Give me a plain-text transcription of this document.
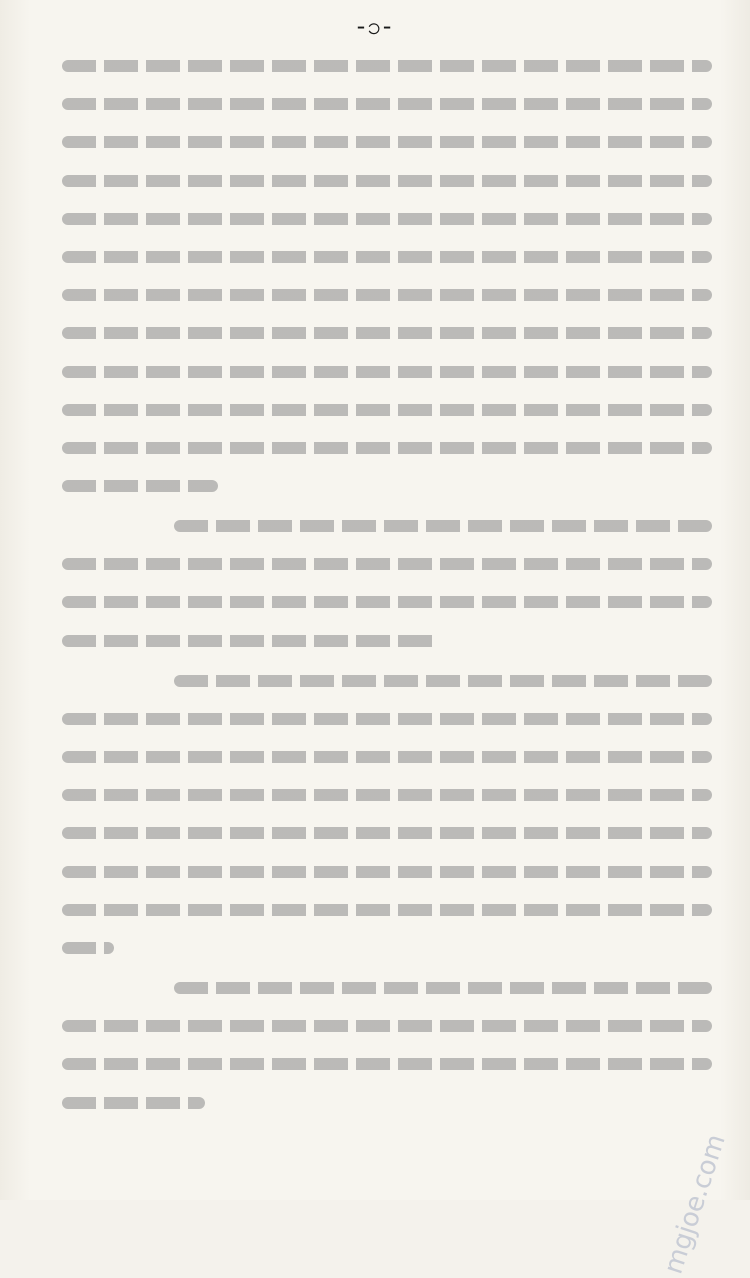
-၁-
mgjoe.com
